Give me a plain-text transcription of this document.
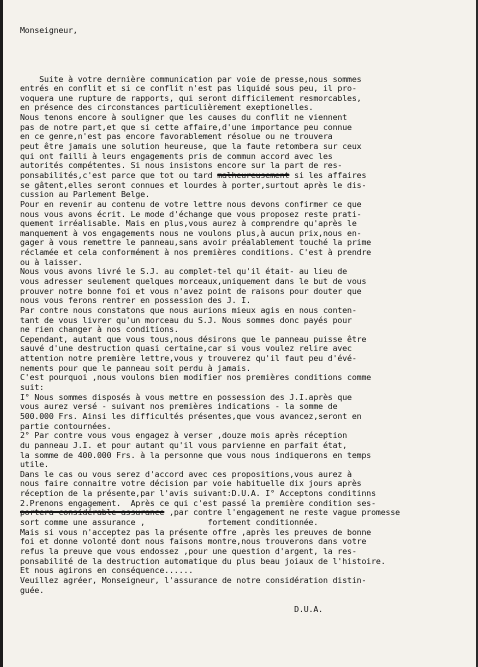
Monseigneur,

Suite à votre dernière communication par voie de presse,nous sommes
entrés en conflit et si ce conflit n'est pas liquidé sous peu, il pro-
voquera une rupture de rapports, qui seront difficilement resmorcables,
en présence des circonstances particulièrement exeptionelles.
Nous tenons encore à souligner que les causes du conflit ne viennent
pas de notre part,et que si cette affaire,d'une importance peu connue
en ce genre,n'est pas encore favorablement résolue ou ne trouvera
peut être jamais une solution heureuse, que la faute retombera sur ceux
qui ont failli à leurs engagements pris de commun accord avec les
autorités compétentes. Si nous insistons encore sur la part de res-
ponsabilités,c'est parce que tot ou tard malheureusement si les affaires
se gâtent,elles seront connues et lourdes à porter,surtout après le dis-
cussion au Parlement Belge.
Pour en revenir au contenu de votre lettre nous devons confirmer ce que
nous vous avons écrit. Le mode d'échange que vous proposez reste prati-
quement irréalisable. Mais en plus,vous aurez à comprendre qu'après le
manquement à vos engagements nous ne voulons plus,à aucun prix,nous en-
gager à vous remettre le panneau,sans avoir préalablement touché la prime
réclamée et cela conformément à nos premières conditions. C'est à prendre
ou à laisser.
Nous vous avons livré le S.J. au complet-tel qu'il était- au lieu de
vous adresser seulement quelques morceaux,uniquement dans le but de vous
prouver notre bonne foi et vous n'avez point de raisons pour douter que
nous vous ferons rentrer en possession des J. I.
Par contre nous constatons que nous aurions mieux agis en nous conten-
tant de vous livrer qu'un morceau du S.J. Nous sommes donc payés pour
ne rien changer à nos conditions.
Cependant, autant que vous tous,nous désirons que le panneau puisse être
sauvé d'une destruction quasi certaine,car si vous voulez relire avec
attention notre première lettre,vous y trouverez qu'il faut peu d'évé-
nements pour que le panneau soit perdu à jamais.
C'est pourquoi ,nous voulons bien modifier nos premières conditions comme
suit:
I° Nous sommes disposés à vous mettre en possession des J.I.après que
vous aurez versé - suivant nos premières indications - la somme de
500.000 Frs. Ainsi les difficultés présentes,que vous avancez,seront en
partie contournées.
2° Par contre vous vous engagez à verser ,douze mois après réception
du panneau J.I. et pour autant qu'il vous parvienne en parfait état,
la somme de 400.000 Frs. à la personne que vous nous indiquerons en temps
utile.
Dans le cas ou vous serez d'accord avec ces propositions,vous aurez à
nous faire connaitre votre décision par voie habituelle dix jours après
réception de la présente,par l'avis suivant:D.U.A. I° Acceptons conditinns
2.Prenons engagement.  Après ce qui c'est passé la première condition ses-
portera considérable assurance ,par contre l'engagement ne reste vague promesse
sort comme une assurance ,             fortement conditionnée.
Mais si vous n'acceptez pas la présente offre ,après les preuves de bonne
foi et donne volonté dont nous faisons montre,nous trouverons dans votre
refus la preuve que vous endossez ,pour une question d'argent, la res-
ponsabilité de la destruction automatique du plus beau joiaux de l'histoire.
Et nous agirons en conséquence......
Veuillez agréer, Monseigneur, l'assurance de notre considération distin-
guée.
D.U.A.
